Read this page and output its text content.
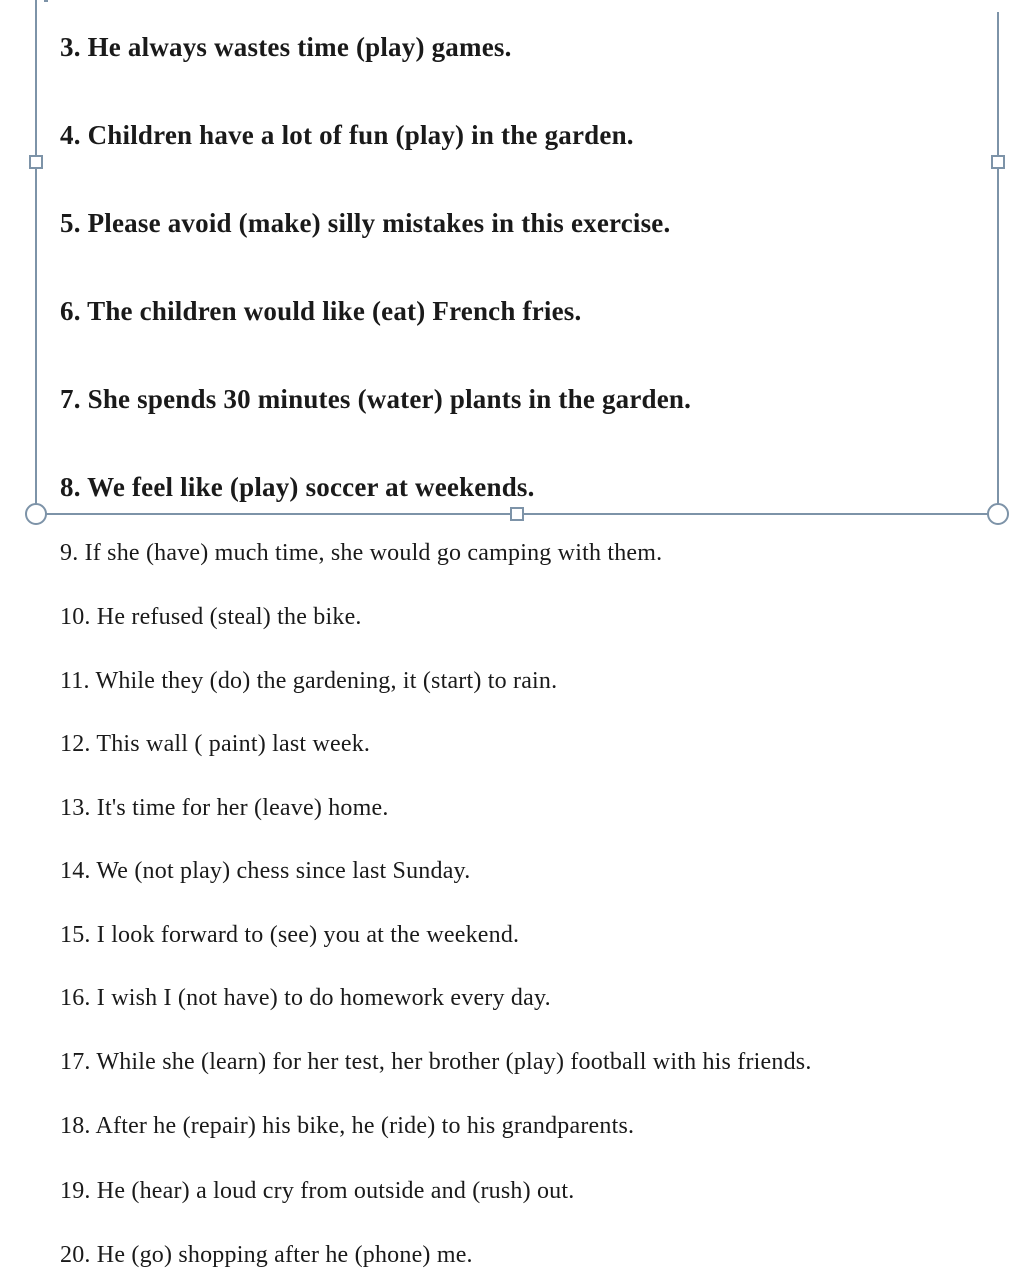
3. He always wastes time (play) games.
4. Children have a lot of fun (play) in the garden.
5. Please avoid (make) silly mistakes in this exercise.
6. The children would like (eat) French fries.
7. She spends 30 minutes (water) plants in the garden.
8. We feel like (play) soccer at weekends.
9. If she (have) much time, she would go camping with them.
10. He refused (steal) the bike.
11. While they (do) the gardening, it (start) to rain.
12. This wall ( paint) last week.
13. It's time for her (leave) home.
14. We (not play) chess since last Sunday.
15. I look forward to (see) you at the weekend.
16. I wish I (not have) to do homework every day.
17. While she (learn) for her test, her brother (play) football with his friends.
18. After he (repair) his bike, he (ride) to his grandparents.
19. He (hear) a loud cry from outside and (rush) out.
20. He (go) shopping after he (phone) me.
